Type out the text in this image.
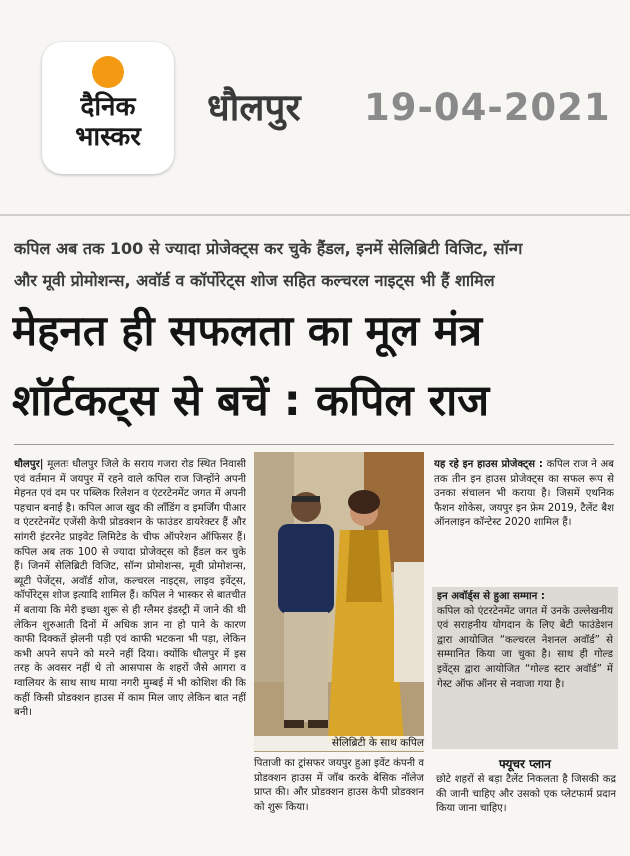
दैनिक
भास्कर
धौलपुर 19-04-2021
कपिल अब तक 100 से ज्यादा प्रोजेक्ट्स कर चुके हैंडल, इनमें सेलिब्रिटी विजिट, सॉन्ग
और मूवी प्रोमोशन्स, अवॉर्ड व कॉर्पोरेट्स शोज सहित कल्चरल नाइट्स भी हैं शामिल
मेहनत ही सफलता का मूल मंत्र
शॉर्टकट्स से बचें : कपिल राज
धौलपुर| मूलतः धौलपुर जिले के सराय गजरा रोड स्थित निवासी एवं वर्तमान में जयपुर में रहने वाले कपिल राज जिन्होंने अपनी मेहनत एवं दम पर पब्लिक रिलेशन व एंटरटेनमेंट जगत में अपनी पहचान बनाई है। कपिल आज खुद की लॉंडिंग व इमर्जिंग पीआर व एंटरटेनमेंट एजेंसी केपी प्रोडक्शन के फाउंडर डायरेक्टर हैं और सांगरी इंटरनेट प्राइवेट लिमिटेड के चीफ ऑपरेशन ऑफिसर हैं। कपिल अब तक 100 से ज्यादा प्रोजेक्ट्स को हैंडल कर चुके हैं। जिनमें सेलिब्रिटी विजिट, सॉन्ग प्रोमोशन्स, मूवी प्रोमोशन्स, ब्यूटी पेजेंट्स, अवॉर्ड शोज, कल्चरल नाइट्स, लाइव इवेंट्स, कॉर्पोरेट्स शोज इत्यादि शामिल हैं। कपिल ने भास्कर से बातचीत में बताया कि मेरी इच्छा शुरू से ही ग्लैमर इंडस्ट्री में जाने की थी लेकिन शुरुआती दिनों में अधिक ज्ञान ना हो पाने के कारण काफी दिक्कतें झेलनी पड़ी एवं काफी भटकना भी पड़ा, लेकिन कभी अपने सपने को मरने नहीं दिया। क्योंकि धौलपुर में इस तरह के अवसर नहीं थे तो आसपास के शहरों जैसे आगरा व ग्वालियर के साथ साथ माया नगरी मुम्बई में भी कोशिश की कि कहीं किसी प्रोडक्शन हाउस में काम मिल जाए लेकिन बात नहीं बनी।
सेलिब्रिटी के साथ कपिल
पिताजी का ट्रांसफर जयपुर हुआ इवेंट कंपनी व प्रोडक्शन हाउस में जॉब करके बेसिक नॉलेज प्राप्त की। और प्रोडक्शन हाउस केपी प्रोडक्शन को शुरू किया।
यह रहे इन हाउस प्रोजेक्ट्स : कपिल राज ने अब तक तीन इन हाउस प्रोजेक्ट्स का सफल रूप से उनका संचालन भी कराया है। जिसमें एथनिक फैशन शोकेस, जयपुर इन फ्रेम 2019, टैलेंट बैश ऑनलाइन कॉन्टेस्ट 2020 शामिल हैं।
इन अवॉर्ड्स से हुआ सम्मान :
कपिल को एंटरटेनमेंट जगत में उनके उल्लेखनीय एवं सराहनीय योगदान के लिए बेटी फाउंडेशन द्वारा आयोजित “कल्चरल नेशनल अवॉर्ड” से सम्मानित किया जा चुका है। साथ ही गोल्ड इवेंट्स द्वारा आयोजित “गोल्ड स्टार अवॉर्ड” में गेस्ट ऑफ ऑनर से नवाजा गया है।
फ्यूचर प्लान
छोटे शहरों से बड़ा टैलेंट निकलता है जिसकी कद्र की जानी चाहिए और उसको एक प्लेटफार्म प्रदान किया जाना चाहिए।
